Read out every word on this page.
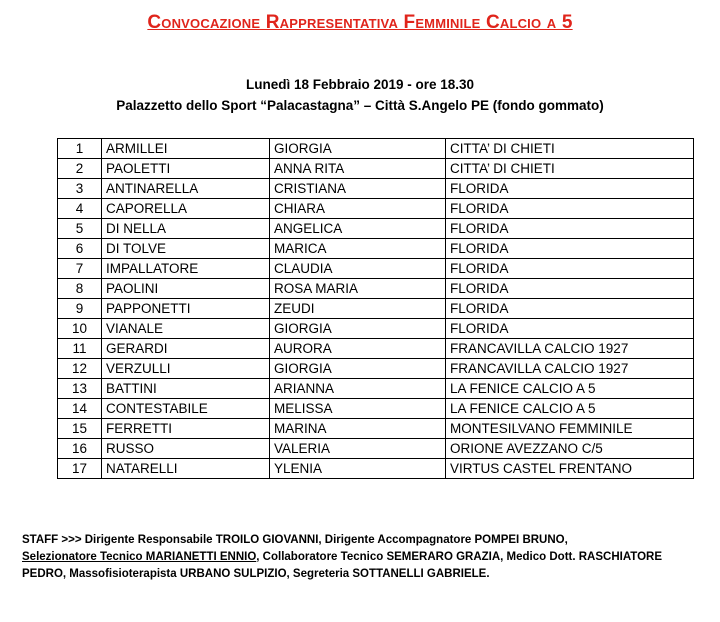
Convocazione Rappresentativa Femminile Calcio a 5
Lunedì 18 Febbraio 2019 - ore 18.30
Palazzetto dello Sport “Palacastagna” – Città S.Angelo PE (fondo gommato)
1	ARMILLEI	GIORGIA	CITTA’ DI CHIETI
2	PAOLETTI	ANNA RITA	CITTA’ DI CHIETI
3	ANTINARELLA	CRISTIANA	FLORIDA
4	CAPORELLA	CHIARA	FLORIDA
5	DI NELLA	ANGELICA	FLORIDA
6	DI TOLVE	MARICA	FLORIDA
7	IMPALLATORE	CLAUDIA	FLORIDA
8	PAOLINI	ROSA MARIA	FLORIDA
9	PAPPONETTI	ZEUDI	FLORIDA
10	VIANALE	GIORGIA	FLORIDA
11	GERARDI	AURORA	FRANCAVILLA CALCIO 1927
12	VERZULLI	GIORGIA	FRANCAVILLA CALCIO 1927
13	BATTINI	ARIANNA	LA FENICE CALCIO A 5
14	CONTESTABILE	MELISSA	LA FENICE CALCIO A 5
15	FERRETTI	MARINA	MONTESILVANO FEMMINILE
16	RUSSO	VALERIA	ORIONE AVEZZANO C/5
17	NATARELLI	YLENIA	VIRTUS CASTEL FRENTANO
STAFF >>> Dirigente Responsabile TROILO GIOVANNI, Dirigente Accompagnatore POMPEI BRUNO,
Selezionatore Tecnico MARIANETTI ENNIO, Collaboratore Tecnico SEMERARO GRAZIA, Medico Dott. RASCHIATORE PEDRO, Massofisioterapista URBANO SULPIZIO, Segreteria SOTTANELLI GABRIELE.
